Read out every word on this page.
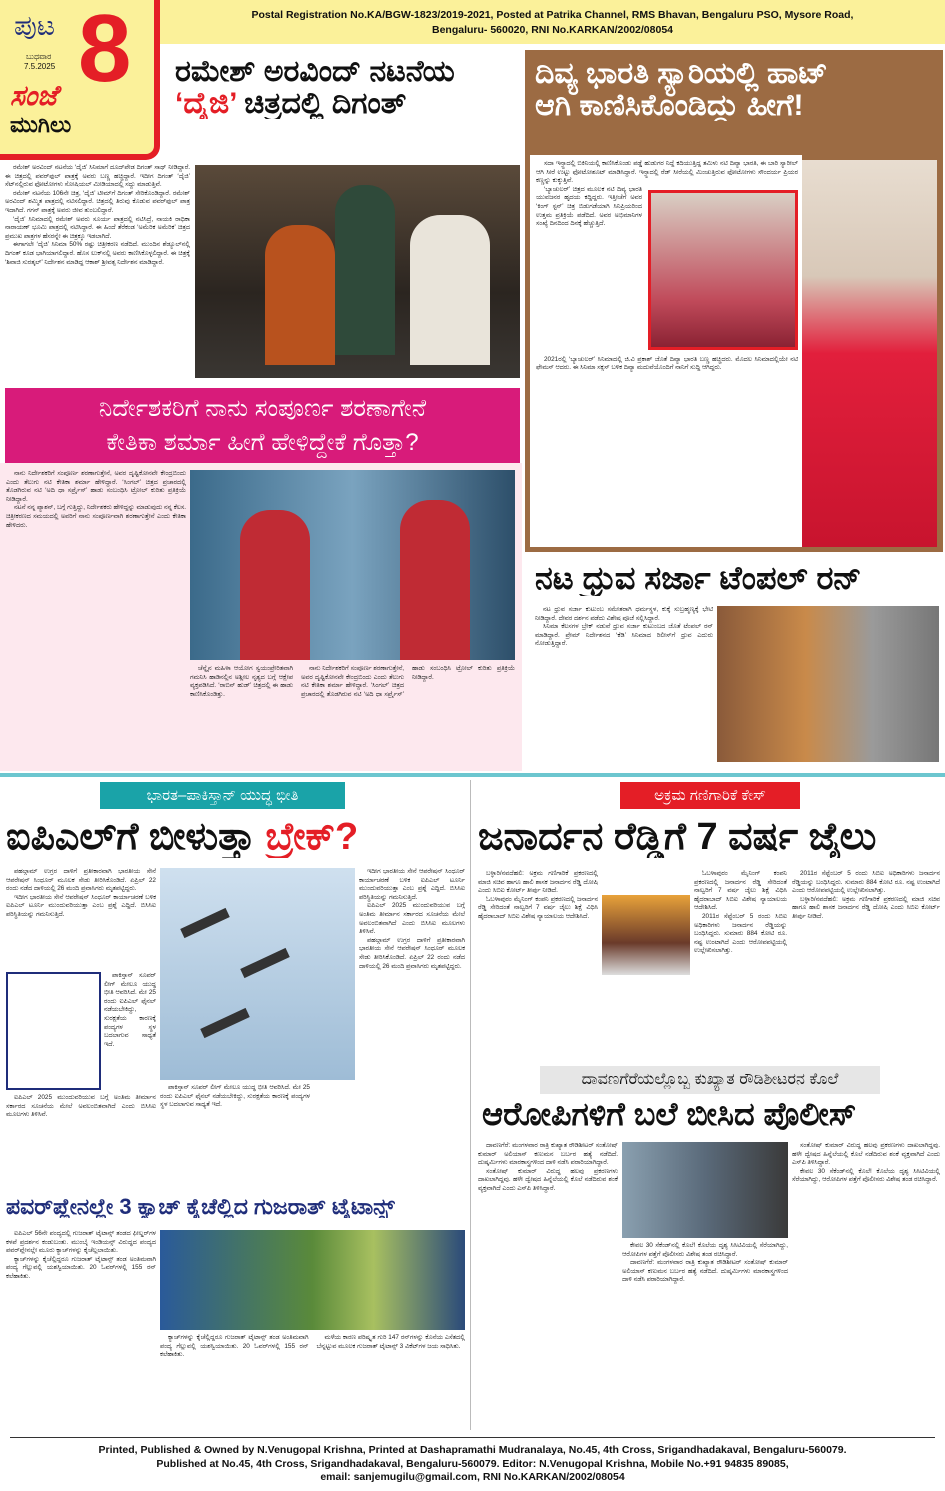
ಪುಟ 8
ಬುಧವಾರ
7.5.2025
ಸಂಜೆ
ಮುಗಿಲು
Postal Registration No.KA/BGW-1823/2019-2021, Posted at Patrika Channel, RMS Bhavan, Bengaluru PSO, Mysore Road,
Bengaluru- 560020, RNI No.KARKAN/2002/08054
ರಮೇಶ್ ಅರವಿಂದ್ ನಟನೆಯ
‘ದೈಜಿ’ ಚಿತ್ರದಲ್ಲಿ ದಿಗಂತ್

ರಮೇಶ್ ಅರವಿಂದ್ ನಟನೆಯ ‘ದೈಜಿ’ ಸಿನಿಮಾಗೆ ದೂದ್‌ಪೇಡ ದಿಗಂತ್ ಸಾಥ್ ನೀಡಿದ್ದಾರೆ. ಈ ಚಿತ್ರದಲ್ಲಿ ಪವರ್‌ಫುಲ್ ಪಾತ್ರಕ್ಕೆ ಅವರು ಬಣ್ಣ ಹಚ್ಚಿದ್ದಾರೆ. ಇದೀಗ ದಿಗಂತ್ ‘ದೈಜಿ’ ಸೆಟ್‌ನಲ್ಲಿರುವ ಫೋಟೋಗಳು ಸೋಷಿಯಲ್ ಮೀಡಿಯಾದಲ್ಲಿ ಸದ್ದು ಮಾಡುತ್ತಿವೆ.

ರಮೇಶ್ ನಟನೆಯ 106ನೇ ಚಿತ್ರ, ‘ದೈಜಿ’ ಟೀಮ್‌ಗೆ ದಿಗಂತ್ ಸೇರಿಕೊಂಡಿದ್ದಾರೆ. ರಮೇಶ್ ಅರವಿಂದ್ ಶಮ್ಮಿತ ಪಾತ್ರದಲ್ಲಿ ನಟಿಸಲಿದ್ದಾರೆ. ಚಿತ್ರದಲ್ಲಿ ತಿರುವು ಕೊಡುವ ಪವರ್‌ಫುಲ್ ಪಾತ್ರ ಇದಾಗಿದೆ. ಗಗನ್ ಪಾತ್ರಕ್ಕೆ ಅವರು ಜೀವ ತುಂಬಲಿದ್ದಾರೆ.

‘ದೈಜಿ’ ಸಿನಿಮಾದಲ್ಲಿ ರಮೇಶ್ ಅವರು ಸೂರ್ಯ ಪಾತ್ರದಲ್ಲಿ ನಟಿಸಿದ್ರೆ, ನಾಯಕಿ ರಾಧಿಕಾ ನಾರಾಯಣ್ ಭೂಮಿ ಪಾತ್ರದಲ್ಲಿ ನಟಿಸಿದ್ದಾರೆ. ಈ ಹಿಂದೆ ತೆರೆಕಂಡ ‘ಅಮೆರಿಕ ಅಮೆರಿಕ’ ಚಿತ್ರದ ಪ್ರಮುಖ ಪಾತ್ರಗಳ ಹೆಸರನ್ನೇ ಈ ಚಿತ್ರಕ್ಕೂ ಇಡಲಾಗಿದೆ.

ಈಗಾಗಲೇ ‘ದೈಜಿ’ ಸಿನಿಮಾ 50% ರಷ್ಟು ಚಿತ್ರೀಕರಣ ನಡೆದಿದೆ. ಮುಂದಿನ ಶೆಡ್ಯೂಲ್‌ನಲ್ಲಿ ದಿಗಂತ್ ಕೂಡ ಭಾಗಿಯಾಗಲಿದ್ದಾರೆ. ಹೊಸ ಲುಕ್‌ನಲ್ಲಿ ಅವರು ಕಾಣಿಸಿಕೊಳ್ಳಲಿದ್ದಾರೆ. ಈ ಚಿತ್ರಕ್ಕೆ ‘ಶಿವಾಜಿ ಸುರತ್ಕಲ್’ ನಿರ್ದೇಶನ ಮಾಡಿದ್ದ ಆಕಾಶ್ ಶ್ರೀವತ್ಸ ನಿರ್ದೇಶನ ಮಾಡಿದ್ದಾರೆ.

ದಿವ್ಯ ಭಾರತಿ ಸ್ಯಾರಿಯಲ್ಲಿ ಹಾಟ್
ಆಗಿ ಕಾಣಿಸಿಕೊಂಡಿದ್ದು ಹೀಗೆ!

ಸದಾ ಇನ್ಸ್ಟಾದಲ್ಲಿ ಬಿಕಿನಿಯಲ್ಲಿ ಕಾಣಿಸಿಕೊಂಡು ಪಡ್ಡೆ ಹುಡುಗರ ನಿದ್ದೆ ಕದಿಯುತ್ತಿದ್ದ ತಮಿಳು ನಟಿ ದಿವ್ಯಾ ಭಾರತಿ, ಈ ಬಾರಿ ಸ್ಯಾರೀಲ್ ಆಗಿ ಸೀರೆ ಉಟ್ಟು ಫೋಟೋಶೂಟ್ ಮಾಡಿಸಿದ್ದಾರೆ. ಇನ್ಸ್ಟಾದಲ್ಲಿ ರೆಡ್ ಸೀರೆಯಲ್ಲಿ ಮಿಂಚುತ್ತಿರುವ ಫೋಟೋಗಳು ಸೌಂದರ್ಯ ಪ್ರಿಯರ ಕಣ್ಣನ್ನು ಕುಕ್ಕುತ್ತಿವೆ.

‘ಬ್ಯಾಚುಲರ್’ ಚಿತ್ರದ ಮೂಲಕ ನಟಿ ದಿವ್ಯ ಭಾರತಿ ಯುವಜನರ ಹೃದಯ ಕದ್ದಿದ್ದರು. ಇತ್ತೀಚೆಗೆ ಅವರ ‘ಕಿಂಗ್ ಸ್ಟನ್’ ಚಿತ್ರ ಬಿಡುಗಡೆಯಾಗಿ ಸಿನಿಪ್ರಿಯರಿಂದ ಉತ್ತಮ ಪ್ರತಿಕ್ರಿಯೆ ಪಡೆದಿದೆ. ಅವರ ಅಭಿಮಾನಿಗಳ ಸಂಖ್ಯೆ ದಿನದಿಂದ ದಿನಕ್ಕೆ ಹೆಚ್ಚುತ್ತಿದೆ.

2021ರಲ್ಲಿ ‘ಬ್ಯಾಚುಲರ್’ ಸಿನಿಮಾದಲ್ಲಿ ಜಿ.ವಿ ಪ್ರಕಾಶ್ ಜೊತೆ ದಿವ್ಯಾ ಭಾರತಿ ಬಣ್ಣ ಹಚ್ಚಿದರು. ಮೊದಲ ಸಿನಿಮಾದಲ್ಲಿಯೇ ನಟಿ ಫೇಮಸ್ ಆದರು. ಈ ಸಿನಿಮಾ ಸಕ್ಸಸ್ ಬಳಿಕ ದಿವ್ಯಾ ಮದುವೆಯೊಂದಿಗೆ ನಾನಿಗೆ ಸುದ್ದಿ ಆಗಿದ್ದರು.

ನಿರ್ದೇಶಕರಿಗೆ ನಾನು ಸಂಪೂರ್ಣ ಶರಣಾಗೇನೆ
ಕೇತಿಕಾ ಶರ್ಮಾ ಹೀಗೆ ಹೇಳಿದ್ದೇಕೆ ಗೊತ್ತಾ?

ನಾನು ನಿರ್ದೇಶಕರಿಗೆ ಸಂಪೂರ್ಣ ಶರಣಾಗುತ್ತೇನೆ, ಅವರ ದೃಷ್ಟಿಕೋನವೇ ಕೇಂದ್ರಬಿಂದು ಎಂದು ತೆಲುಗು ನಟಿ ಕೇತಿಕಾ ಶರ್ಮಾ ಹೇಳಿದ್ದಾರೆ. ‘ಸಿಂಗಲ್’ ಚಿತ್ರದ ಪ್ರಚಾರದಲ್ಲಿ ತೊಡಗಿರುವ ನಟಿ ‘ಅದಿ ಧಾ ಸರ್ಪ್ರೈಸ್’ ಹಾಡು ಸಂಬಂಧಿಸಿ ಟ್ರೋಲ್ ಕುರಿತು ಪ್ರತಿಕ್ರಿಯೆ ನೀಡಿದ್ದಾರೆ.

ನಟನೆ ನನ್ನ ಪ್ಯಾಶನ್, ಬಗ್ಗೆ ಗುತ್ತಿದ್ದು, ನಿರ್ದೇಶಕರು ಹೇಳಿದ್ದನ್ನು ಮಾಡುವುದು ನನ್ನ ಕೆಲಸ. ಚಿತ್ರೀಕರಣದ ಸಮಯದಲ್ಲಿ ಅವರಿಗೆ ನಾನು ಸಂಪೂರ್ಣವಾಗಿ ಶರಣಾಗುತ್ತೇನೆ ಎಂದು ಕೇತಿಕಾ ಹೇಳಿದರು.

ಚೆನ್ನೈನ ಮಹಿಳಾ ಆಯೋಗ ಸ್ವಯಂಪ್ರೇರಿತವಾಗಿ ಗಮನಿಸಿ ಹಾಡಿನಲ್ಲಿನ ಅಶ್ಲೀಲ ನೃತ್ಯದ ಬಗ್ಗೆ ಆಕ್ಷೇಪ ವ್ಯಕ್ತಪಡಿಸಿದೆ. ‘ರಾಬಿನ್ ಹುಡ್’ ಚಿತ್ರದಲ್ಲಿ ಈ ಹಾಡು ಕಾಣಿಸಿಕೊಂಡಿತ್ತು.

ನಾನು ನಿರ್ದೇಶಕರಿಗೆ ಸಂಪೂರ್ಣ ಶರಣಾಗುತ್ತೇನೆ, ಅವರ ದೃಷ್ಟಿಕೋನವೇ ಕೇಂದ್ರಬಿಂದು ಎಂದು ತೆಲುಗು ನಟಿ ಕೇತಿಕಾ ಶರ್ಮಾ ಹೇಳಿದ್ದಾರೆ. ‘ಸಿಂಗಲ್’ ಚಿತ್ರದ ಪ್ರಚಾರದಲ್ಲಿ ತೊಡಗಿರುವ ನಟಿ ‘ಅದಿ ಧಾ ಸರ್ಪ್ರೈಸ್’ ಹಾಡು ಸಂಬಂಧಿಸಿ ಟ್ರೋಲ್ ಕುರಿತು ಪ್ರತಿಕ್ರಿಯೆ ನೀಡಿದ್ದಾರೆ.

ನಟ ಧ್ರುವ ಸರ್ಜಾ ಟೆಂಪಲ್ ರನ್

ನಟ ಧ್ರುವ ಸರ್ಜಾ ಕುಟುಂಬ ಸಮೇತರಾಗಿ ಧರ್ಮಸ್ಥಳ, ಕುಕ್ಕೆ ಸುಬ್ರಹ್ಮಣ್ಯಕ್ಕೆ ಭೇಟಿ ನೀಡಿದ್ದಾರೆ. ದೇವರ ದರ್ಶನ ಪಡೆದು ವಿಶೇಷ ಪೂಜೆ ಸಲ್ಲಿಸಿದ್ದಾರೆ.

ಸಿನಿಮಾ ಕೆಲಸಗಳ ಬ್ರೇಕ್ ನಡುವೆ ಧ್ರುವ ಸರ್ಜಾ ಕುಟುಂಬದ ಜೊತೆ ಟೆಂಪಲ್ ರನ್ ಮಾಡಿದ್ದಾರೆ. ಪ್ರೇಮ್ ನಿರ್ದೇಶನದ ‘ಕೆಡಿ’ ಸಿನಿಮಾದ ರಿಲೀಸ್‌ಗೆ ಧ್ರುವ ಎದುರು ನೋಡುತ್ತಿದ್ದಾರೆ.

ಭಾರತ–ಪಾಕಿಸ್ತಾನ್ ಯುದ್ಧ ಭೀತಿ
ಐಪಿಎಲ್‌ಗೆ ಬೀಳುತ್ತಾ ಬ್ರೇಕ್?

ಪಹಲ್ಗಾಮ್ ಉಗ್ರರ ದಾಳಿಗೆ ಪ್ರತೀಕಾರವಾಗಿ ಭಾರತೀಯ ಸೇನೆ ಆಪರೇಷನ್ ಸಿಂಧೂರ್ ಮೂಲಕ ಸೇಡು ತೀರಿಸಿಕೊಂಡಿದೆ. ಏಪ್ರಿಲ್ 22 ರಂದು ನಡೆದ ದಾಳಿಯಲ್ಲಿ 26 ಮಂದಿ ಪ್ರವಾಸಿಗರು ಮೃತಪಟ್ಟಿದ್ದರು.

ಇದೀಗ ಭಾರತೀಯ ಸೇನೆ ಆಪರೇಷನ್ ಸಿಂಧೂರ್ ಕಾರ್ಯಾಚರಣೆ ಬಳಿಕ ಐಪಿಎಲ್ ಟೂರ್ನಿ ಮುಂದುವರಿಯುತ್ತಾ ಎಂಬ ಪ್ರಶ್ನೆ ಎದ್ದಿದೆ. ಬಿಸಿಸಿಐ ಪರಿಸ್ಥಿತಿಯನ್ನು ಗಮನಿಸುತ್ತಿದೆ.

ಪಾಕಿಸ್ತಾನ್ ಸೂಪರ್ ಲೀಗ್ ಮೇಲೂ ಯುದ್ಧ ಭೀತಿ ಆವರಿಸಿದೆ. ಮೇ 25 ರಂದು ಐಪಿಎಲ್ ಫೈನಲ್ ನಡೆಯಬೇಕಿದ್ದು, ಸುರಕ್ಷತೆಯ ಕಾರಣಕ್ಕೆ ಪಂದ್ಯಗಳ ಸ್ಥಳ ಬದಲಾಗುವ ಸಾಧ್ಯತೆ ಇದೆ.

ಐಪಿಎಲ್ 2025 ಮುಂದುವರಿಯುವ ಬಗ್ಗೆ ಅಂತಿಮ ತೀರ್ಮಾನ ಸರ್ಕಾರದ ಸೂಚನೆಯ ಮೇಲೆ ಅವಲಂಬಿತವಾಗಿದೆ ಎಂದು ಬಿಸಿಸಿಐ ಮೂಲಗಳು ತಿಳಿಸಿವೆ.

ಪಾಕಿಸ್ತಾನ್ ಸೂಪರ್ ಲೀಗ್ ಮೇಲೂ ಯುದ್ಧ ಭೀತಿ ಆವರಿಸಿದೆ. ಮೇ 25 ರಂದು ಐಪಿಎಲ್ ಫೈನಲ್ ನಡೆಯಬೇಕಿದ್ದು, ಸುರಕ್ಷತೆಯ ಕಾರಣಕ್ಕೆ ಪಂದ್ಯಗಳ ಸ್ಥಳ ಬದಲಾಗುವ ಸಾಧ್ಯತೆ ಇದೆ.

ಇದೀಗ ಭಾರತೀಯ ಸೇನೆ ಆಪರೇಷನ್ ಸಿಂಧೂರ್ ಕಾರ್ಯಾಚರಣೆ ಬಳಿಕ ಐಪಿಎಲ್ ಟೂರ್ನಿ ಮುಂದುವರಿಯುತ್ತಾ ಎಂಬ ಪ್ರಶ್ನೆ ಎದ್ದಿದೆ. ಬಿಸಿಸಿಐ ಪರಿಸ್ಥಿತಿಯನ್ನು ಗಮನಿಸುತ್ತಿದೆ.

ಐಪಿಎಲ್ 2025 ಮುಂದುವರಿಯುವ ಬಗ್ಗೆ ಅಂತಿಮ ತೀರ್ಮಾನ ಸರ್ಕಾರದ ಸೂಚನೆಯ ಮೇಲೆ ಅವಲಂಬಿತವಾಗಿದೆ ಎಂದು ಬಿಸಿಸಿಐ ಮೂಲಗಳು ತಿಳಿಸಿವೆ.

ಪಹಲ್ಗಾಮ್ ಉಗ್ರರ ದಾಳಿಗೆ ಪ್ರತೀಕಾರವಾಗಿ ಭಾರತೀಯ ಸೇನೆ ಆಪರೇಷನ್ ಸಿಂಧೂರ್ ಮೂಲಕ ಸೇಡು ತೀರಿಸಿಕೊಂಡಿದೆ. ಏಪ್ರಿಲ್ 22 ರಂದು ನಡೆದ ದಾಳಿಯಲ್ಲಿ 26 ಮಂದಿ ಪ್ರವಾಸಿಗರು ಮೃತಪಟ್ಟಿದ್ದರು.

ಪವರ್‌ಪ್ಲೇನಲ್ಲೇ 3 ಕ್ಯಾಚ್ ಕೈಚೆಲ್ಲಿದ ಗುಜರಾತ್ ಟೈಟಾನ್ಸ್

ಐಪಿಎಲ್ 56ನೇ ಪಂದ್ಯದಲ್ಲಿ ಗುಜರಾತ್ ಟೈಟಾನ್ಸ್ ತಂಡದ ಫೀಲ್ಡರ್‌ಗಳ ಕಳಪೆ ಪ್ರದರ್ಶನ ಕಂಡುಬಂತು. ಮುಂಬೈ ಇಂಡಿಯನ್ಸ್ ವಿರುದ್ಧದ ಪಂದ್ಯದ ಪವರ್‌ಪ್ಲೇನಲ್ಲೇ ಮೂರು ಕ್ಯಾಚ್‌ಗಳನ್ನು ಕೈಚೆಲ್ಲಲಾಯಿತು.

ಕ್ಯಾಚ್‌ಗಳನ್ನು ಕೈಚೆಲ್ಲಿದ್ದರೂ ಗುಜರಾತ್ ಟೈಟಾನ್ಸ್ ತಂಡ ಅಂತಿಮವಾಗಿ ಪಂದ್ಯ ಗೆಲ್ಲುವಲ್ಲಿ ಯಶಸ್ವಿಯಾಯಿತು. 20 ಓವರ್‌ಗಳಲ್ಲಿ 155 ರನ್ ಕಲೆಹಾಕಿತು.

ಕ್ಯಾಚ್‌ಗಳನ್ನು ಕೈಚೆಲ್ಲಿದ್ದರೂ ಗುಜರಾತ್ ಟೈಟಾನ್ಸ್ ತಂಡ ಅಂತಿಮವಾಗಿ ಪಂದ್ಯ ಗೆಲ್ಲುವಲ್ಲಿ ಯಶಸ್ವಿಯಾಯಿತು. 20 ಓವರ್‌ಗಳಲ್ಲಿ 155 ರನ್ ಕಲೆಹಾಕಿತು.

ಮಳೆಯ ಕಾರಣ ಪರಿಷ್ಕೃತ ಗುರಿ 147 ರನ್‌ಗಳನ್ನು ಕೊನೆಯ ಎಸೆತದಲ್ಲಿ ಬೆನ್ನಟ್ಟುವ ಮೂಲಕ ಗುಜರಾತ್ ಟೈಟಾನ್ಸ್ 3 ವಿಕೆಟ್‌ಗಳ ಜಯ ಸಾಧಿಸಿತು.

ಅಕ್ರಮ ಗಣಿಗಾರಿಕೆ ಕೇಸ್
ಜನಾರ್ದನ ರೆಡ್ಡಿಗೆ 7 ವರ್ಷ ಜೈಲು

ಬಳ್ಳಾರಿ/ನವದೆಹಲಿ: ಅಕ್ರಮ ಗಣಿಗಾರಿಕೆ ಪ್ರಕರಣದಲ್ಲಿ ಮಾಜಿ ಸಚಿವ ಹಾಗೂ ಹಾಲಿ ಶಾಸಕ ಜನಾರ್ದನ ರೆಡ್ಡಿ ದೋಷಿ ಎಂದು ಸಿಬಿಐ ಕೋರ್ಟ್ ತೀರ್ಪು ನೀಡಿದೆ.

ಓಬಳಾಪುರಂ ಮೈನಿಂಗ್ ಕಂಪನಿ ಪ್ರಕರಣದಲ್ಲಿ ಜನಾರ್ದನ ರೆಡ್ಡಿ ಸೇರಿದಂತೆ ನಾಲ್ವರಿಗೆ 7 ವರ್ಷ ಜೈಲು ಶಿಕ್ಷೆ ವಿಧಿಸಿ ಹೈದರಾಬಾದ್ ಸಿಬಿಐ ವಿಶೇಷ ನ್ಯಾಯಾಲಯ ಆದೇಶಿಸಿದೆ.

ಓಬಳಾಪುರಂ ಮೈನಿಂಗ್ ಕಂಪನಿ ಪ್ರಕರಣದಲ್ಲಿ ಜನಾರ್ದನ ರೆಡ್ಡಿ ಸೇರಿದಂತೆ ನಾಲ್ವರಿಗೆ 7 ವರ್ಷ ಜೈಲು ಶಿಕ್ಷೆ ವಿಧಿಸಿ ಹೈದರಾಬಾದ್ ಸಿಬಿಐ ವಿಶೇಷ ನ್ಯಾಯಾಲಯ ಆದೇಶಿಸಿದೆ.

2011ರ ಸೆಪ್ಟೆಂಬರ್ 5 ರಂದು ಸಿಬಿಐ ಅಧಿಕಾರಿಗಳು ಜನಾರ್ದನ ರೆಡ್ಡಿಯನ್ನು ಬಂಧಿಸಿದ್ದರು. ಸುಮಾರು 884 ಕೋಟಿ ರೂ. ನಷ್ಟ ಉಂಟಾಗಿದೆ ಎಂದು ಆರೋಪಪಟ್ಟಿಯಲ್ಲಿ ಉಲ್ಲೇಖಿಸಲಾಗಿತ್ತು.

2011ರ ಸೆಪ್ಟೆಂಬರ್ 5 ರಂದು ಸಿಬಿಐ ಅಧಿಕಾರಿಗಳು ಜನಾರ್ದನ ರೆಡ್ಡಿಯನ್ನು ಬಂಧಿಸಿದ್ದರು. ಸುಮಾರು 884 ಕೋಟಿ ರೂ. ನಷ್ಟ ಉಂಟಾಗಿದೆ ಎಂದು ಆರೋಪಪಟ್ಟಿಯಲ್ಲಿ ಉಲ್ಲೇಖಿಸಲಾಗಿತ್ತು.

ಬಳ್ಳಾರಿ/ನವದೆಹಲಿ: ಅಕ್ರಮ ಗಣಿಗಾರಿಕೆ ಪ್ರಕರಣದಲ್ಲಿ ಮಾಜಿ ಸಚಿವ ಹಾಗೂ ಹಾಲಿ ಶಾಸಕ ಜನಾರ್ದನ ರೆಡ್ಡಿ ದೋಷಿ ಎಂದು ಸಿಬಿಐ ಕೋರ್ಟ್ ತೀರ್ಪು ನೀಡಿದೆ.

ದಾವಣಗೆರೆಯಲ್ಲೊಬ್ಬ ಕುಖ್ಯಾತ ರೌಡಿಶೀಟರನ ಕೊಲೆ
ಆರೋಪಿಗಳಿಗೆ ಬಲೆ ಬೀಸಿದ ಪೊಲೀಸ್

ದಾವಣಗೆರೆ: ಮಂಗಳವಾರ ರಾತ್ರಿ ಕುಖ್ಯಾತ ರೌಡಿಶೀಟರ್ ಸಂತೋಷ್ ಕುಮಾರ್ ಅಲಿಯಾಸ್ ಕಣುಮನ ಬರ್ಬರ ಹತ್ಯೆ ನಡೆದಿದೆ. ದುಷ್ಕರ್ಮಿಗಳು ಮಾರಕಾಸ್ತ್ರಗಳಿಂದ ದಾಳಿ ನಡೆಸಿ ಪರಾರಿಯಾಗಿದ್ದಾರೆ.

ಸಂತೋಷ್ ಕುಮಾರ್ ವಿರುದ್ಧ ಹಲವು ಪ್ರಕರಣಗಳು ದಾಖಲಾಗಿದ್ದವು. ಹಳೇ ದ್ವೇಷದ ಹಿನ್ನೆಲೆಯಲ್ಲಿ ಕೊಲೆ ನಡೆದಿರುವ ಶಂಕೆ ವ್ಯಕ್ತವಾಗಿದೆ ಎಂದು ಎಸ್‌ಪಿ ತಿಳಿಸಿದ್ದಾರೆ.

ಕೇವಲ 30 ಸೆಕೆಂಡ್‌ನಲ್ಲಿ ಕೊಲೆ! ಕೊಲೆಯ ದೃಶ್ಯ ಸಿಸಿಟಿವಿಯಲ್ಲಿ ಸೆರೆಯಾಗಿದ್ದು, ಆರೋಪಿಗಳ ಪತ್ತೆಗೆ ಪೊಲೀಸರು ವಿಶೇಷ ತಂಡ ರಚಿಸಿದ್ದಾರೆ.

ದಾವಣಗೆರೆ: ಮಂಗಳವಾರ ರಾತ್ರಿ ಕುಖ್ಯಾತ ರೌಡಿಶೀಟರ್ ಸಂತೋಷ್ ಕುಮಾರ್ ಅಲಿಯಾಸ್ ಕಣುಮನ ಬರ್ಬರ ಹತ್ಯೆ ನಡೆದಿದೆ. ದುಷ್ಕರ್ಮಿಗಳು ಮಾರಕಾಸ್ತ್ರಗಳಿಂದ ದಾಳಿ ನಡೆಸಿ ಪರಾರಿಯಾಗಿದ್ದಾರೆ.

ಸಂತೋಷ್ ಕುಮಾರ್ ವಿರುದ್ಧ ಹಲವು ಪ್ರಕರಣಗಳು ದಾಖಲಾಗಿದ್ದವು. ಹಳೇ ದ್ವೇಷದ ಹಿನ್ನೆಲೆಯಲ್ಲಿ ಕೊಲೆ ನಡೆದಿರುವ ಶಂಕೆ ವ್ಯಕ್ತವಾಗಿದೆ ಎಂದು ಎಸ್‌ಪಿ ತಿಳಿಸಿದ್ದಾರೆ.

ಕೇವಲ 30 ಸೆಕೆಂಡ್‌ನಲ್ಲಿ ಕೊಲೆ! ಕೊಲೆಯ ದೃಶ್ಯ ಸಿಸಿಟಿವಿಯಲ್ಲಿ ಸೆರೆಯಾಗಿದ್ದು, ಆರೋಪಿಗಳ ಪತ್ತೆಗೆ ಪೊಲೀಸರು ವಿಶೇಷ ತಂಡ ರಚಿಸಿದ್ದಾರೆ.

Printed, Published & Owned by N.Venugopal Krishna, Printed at Dashapramathi Mudranalaya, No.45, 4th Cross, Srigandhadakaval, Bengaluru-560079.
Published at No.45, 4th Cross, Srigandhadakaval, Bengaluru-560079. Editor: N.Venugopal Krishna, Mobile No.+91 94835 89085,
email: sanjemugilu@gmail.com, RNI No.KARKAN/2002/08054
